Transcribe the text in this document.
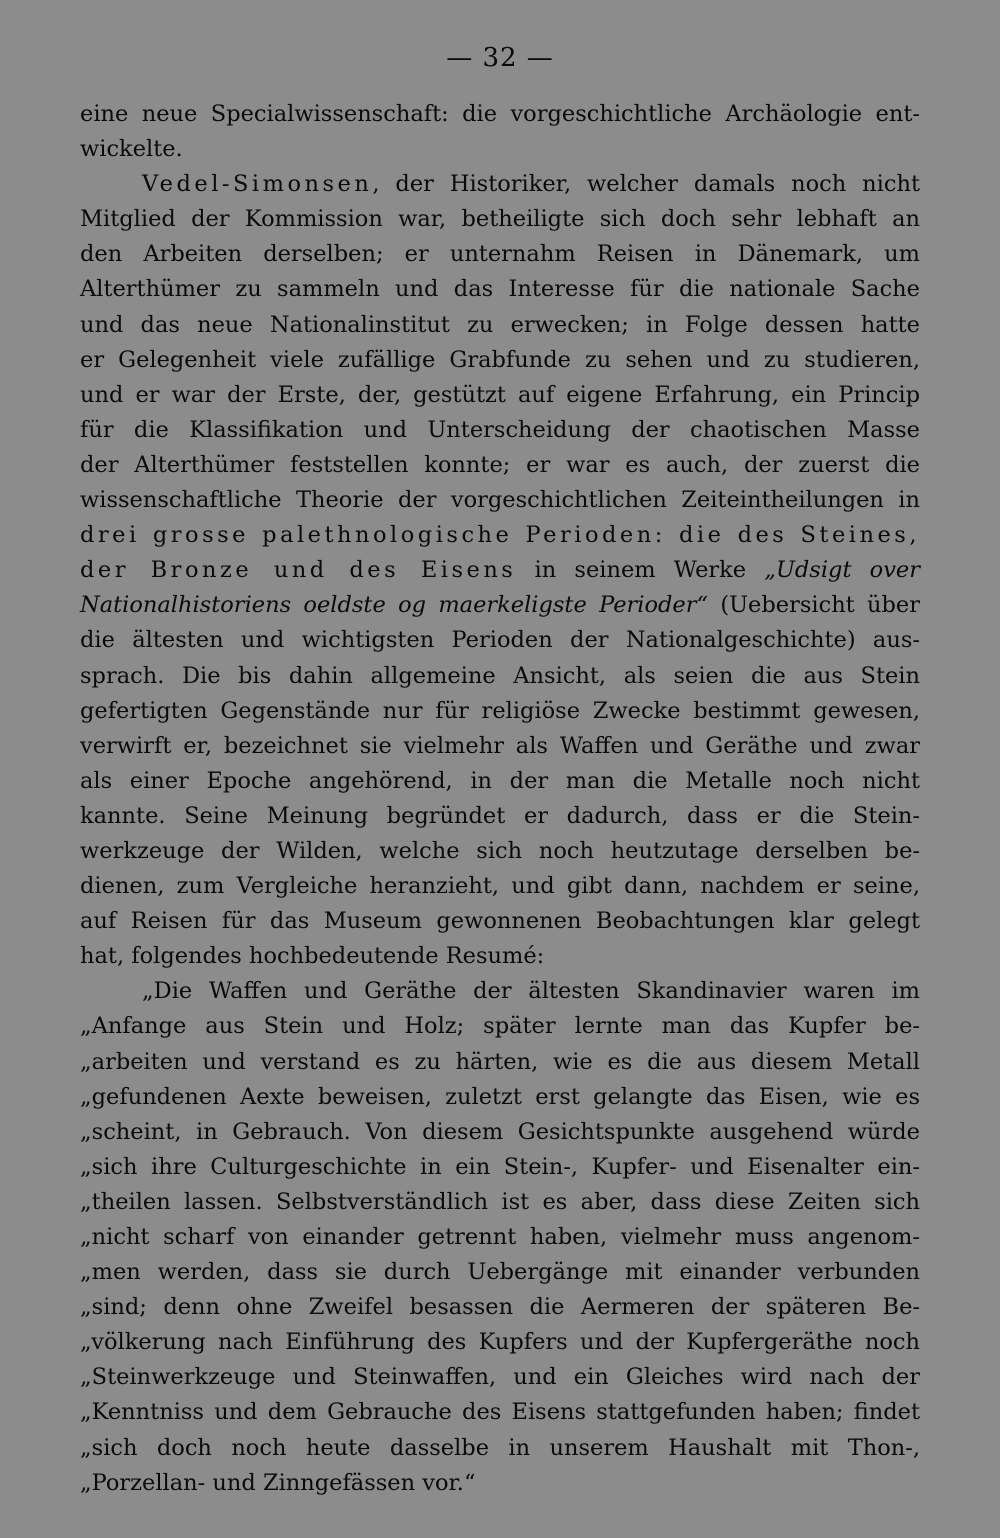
— 32 —
eine neue Specialwissenschaft: die vorgeschichtliche Archäologie ent-
wickelte.
Vedel-Simonsen, der Historiker, welcher damals noch nicht
Mitglied der Kommission war, betheiligte sich doch sehr lebhaft an
den Arbeiten derselben; er unternahm Reisen in Dänemark, um
Alterthümer zu sammeln und das Interesse für die nationale Sache
und das neue Nationalinstitut zu erwecken; in Folge dessen hatte
er Gelegenheit viele zufällige Grabfunde zu sehen und zu studieren,
und er war der Erste, der, gestützt auf eigene Erfahrung, ein Princip
für die Klassifikation und Unterscheidung der chaotischen Masse
der Alterthümer feststellen konnte; er war es auch, der zuerst die
wissenschaftliche Theorie der vorgeschichtlichen Zeiteintheilungen in
drei grosse palethnologische Perioden: die des Steines,
der Bronze und des Eisens in seinem Werke „Udsigt over
Nationalhistoriens oeldste og maerkeligste Perioder“ (Uebersicht über
die ältesten und wichtigsten Perioden der Nationalgeschichte) aus-
sprach. Die bis dahin allgemeine Ansicht, als seien die aus Stein
gefertigten Gegenstände nur für religiöse Zwecke bestimmt gewesen,
verwirft er, bezeichnet sie vielmehr als Waffen und Geräthe und zwar
als einer Epoche angehörend, in der man die Metalle noch nicht
kannte. Seine Meinung begründet er dadurch, dass er die Stein-
werkzeuge der Wilden, welche sich noch heutzutage derselben be-
dienen, zum Vergleiche heranzieht, und gibt dann, nachdem er seine,
auf Reisen für das Museum gewonnenen Beobachtungen klar gelegt
hat, folgendes hochbedeutende Resumé:
„Die Waffen und Geräthe der ältesten Skandinavier waren im
„Anfange aus Stein und Holz; später lernte man das Kupfer be-
„arbeiten und verstand es zu härten, wie es die aus diesem Metall
„gefundenen Aexte beweisen, zuletzt erst gelangte das Eisen, wie es
„scheint, in Gebrauch. Von diesem Gesichtspunkte ausgehend würde
„sich ihre Culturgeschichte in ein Stein-, Kupfer- und Eisenalter ein-
„theilen lassen. Selbstverständlich ist es aber, dass diese Zeiten sich
„nicht scharf von einander getrennt haben, vielmehr muss angenom-
„men werden, dass sie durch Uebergänge mit einander verbunden
„sind; denn ohne Zweifel besassen die Aermeren der späteren Be-
„völkerung nach Einführung des Kupfers und der Kupfergeräthe noch
„Steinwerkzeuge und Steinwaffen, und ein Gleiches wird nach der
„Kenntniss und dem Gebrauche des Eisens stattgefunden haben; findet
„sich doch noch heute dasselbe in unserem Haushalt mit Thon-,
„Porzellan- und Zinngefässen vor.“
